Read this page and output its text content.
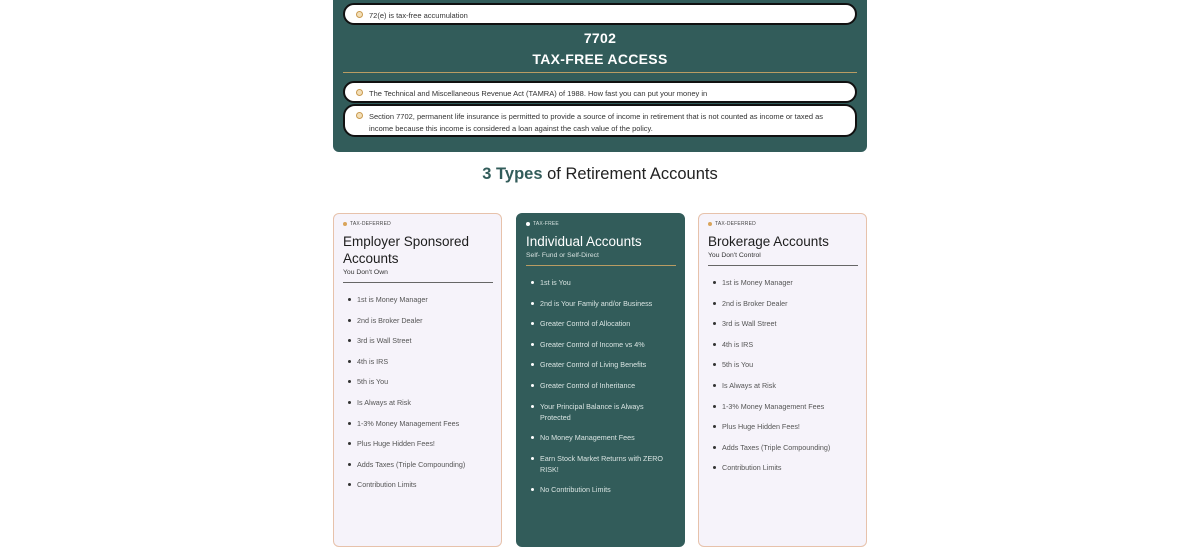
72(e) is tax-free accumulation
7702
TAX-FREE ACCESS
The Technical and Miscellaneous Revenue Act (TAMRA) of 1988. How fast you can put your money in
Section 7702, permanent life insurance is permitted to provide a source of income in retirement that is not counted as income or taxed as income because this income is considered a loan against the cash value of the policy.
3 Types of Retirement Accounts
TAX-DEFERRED
Employer Sponsored Accounts
You Don't Own
1st is Money Manager
2nd is Broker Dealer
3rd is Wall Street
4th is IRS
5th is You
Is Always at Risk
1-3% Money Management Fees
Plus Huge Hidden Fees!
Adds Taxes (Triple Compounding)
Contribution Limits
TAX-FREE
Individual Accounts
Self- Fund or Self-Direct
1st is You
2nd is Your Family and/or Business
Greater Control of Allocation
Greater Control of Income vs 4%
Greater Control of Living Benefits
Greater Control of Inheritance
Your Principal Balance is Always Protected
No Money Management Fees
Earn Stock Market Returns with ZERO RISK!
No Contribution Limits
TAX-DEFERRED
Brokerage Accounts
You Don't Control
1st is Money Manager
2nd is Broker Dealer
3rd is Wall Street
4th is IRS
5th is You
Is Always at Risk
1-3% Money Management Fees
Plus Huge Hidden Fees!
Adds Taxes (Triple Compounding)
Contribution Limits
